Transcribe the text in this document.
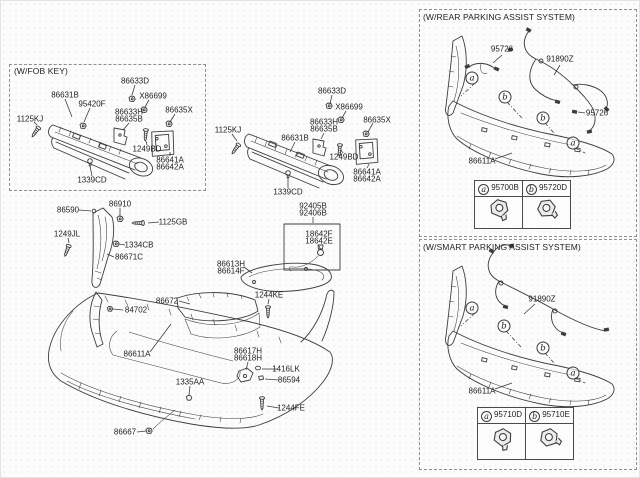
(W/FOB KEY)
(W/REAR PARKING ASSIST SYSTEM)
(W/SMART PARKING ASSIST SYSTEM)
86631B
95420F
86633D
X86699
86633H
86635B
86635X
1125KJ
1249BD
86641A
86642A
1339CD
86633D
X86699
86633H
86635B
86635X
1125KJ
86631B
1249BD
86641A
86642A
1339CD
86590
86910
1125GB
1249JL
1334CB
86671C
92405B
92406B
18642F
18642E
86613H
86614F
86672
84702
1244KE
86611A	86617H
86618H
1335AA
1416LK
86594
1244FE
86667
95726
91890Z
95726
86611A
a
b
b
a
a 95700B	b 95720D

91890Z
86611A
a
b
b
a
a 95710D	b 95710E
